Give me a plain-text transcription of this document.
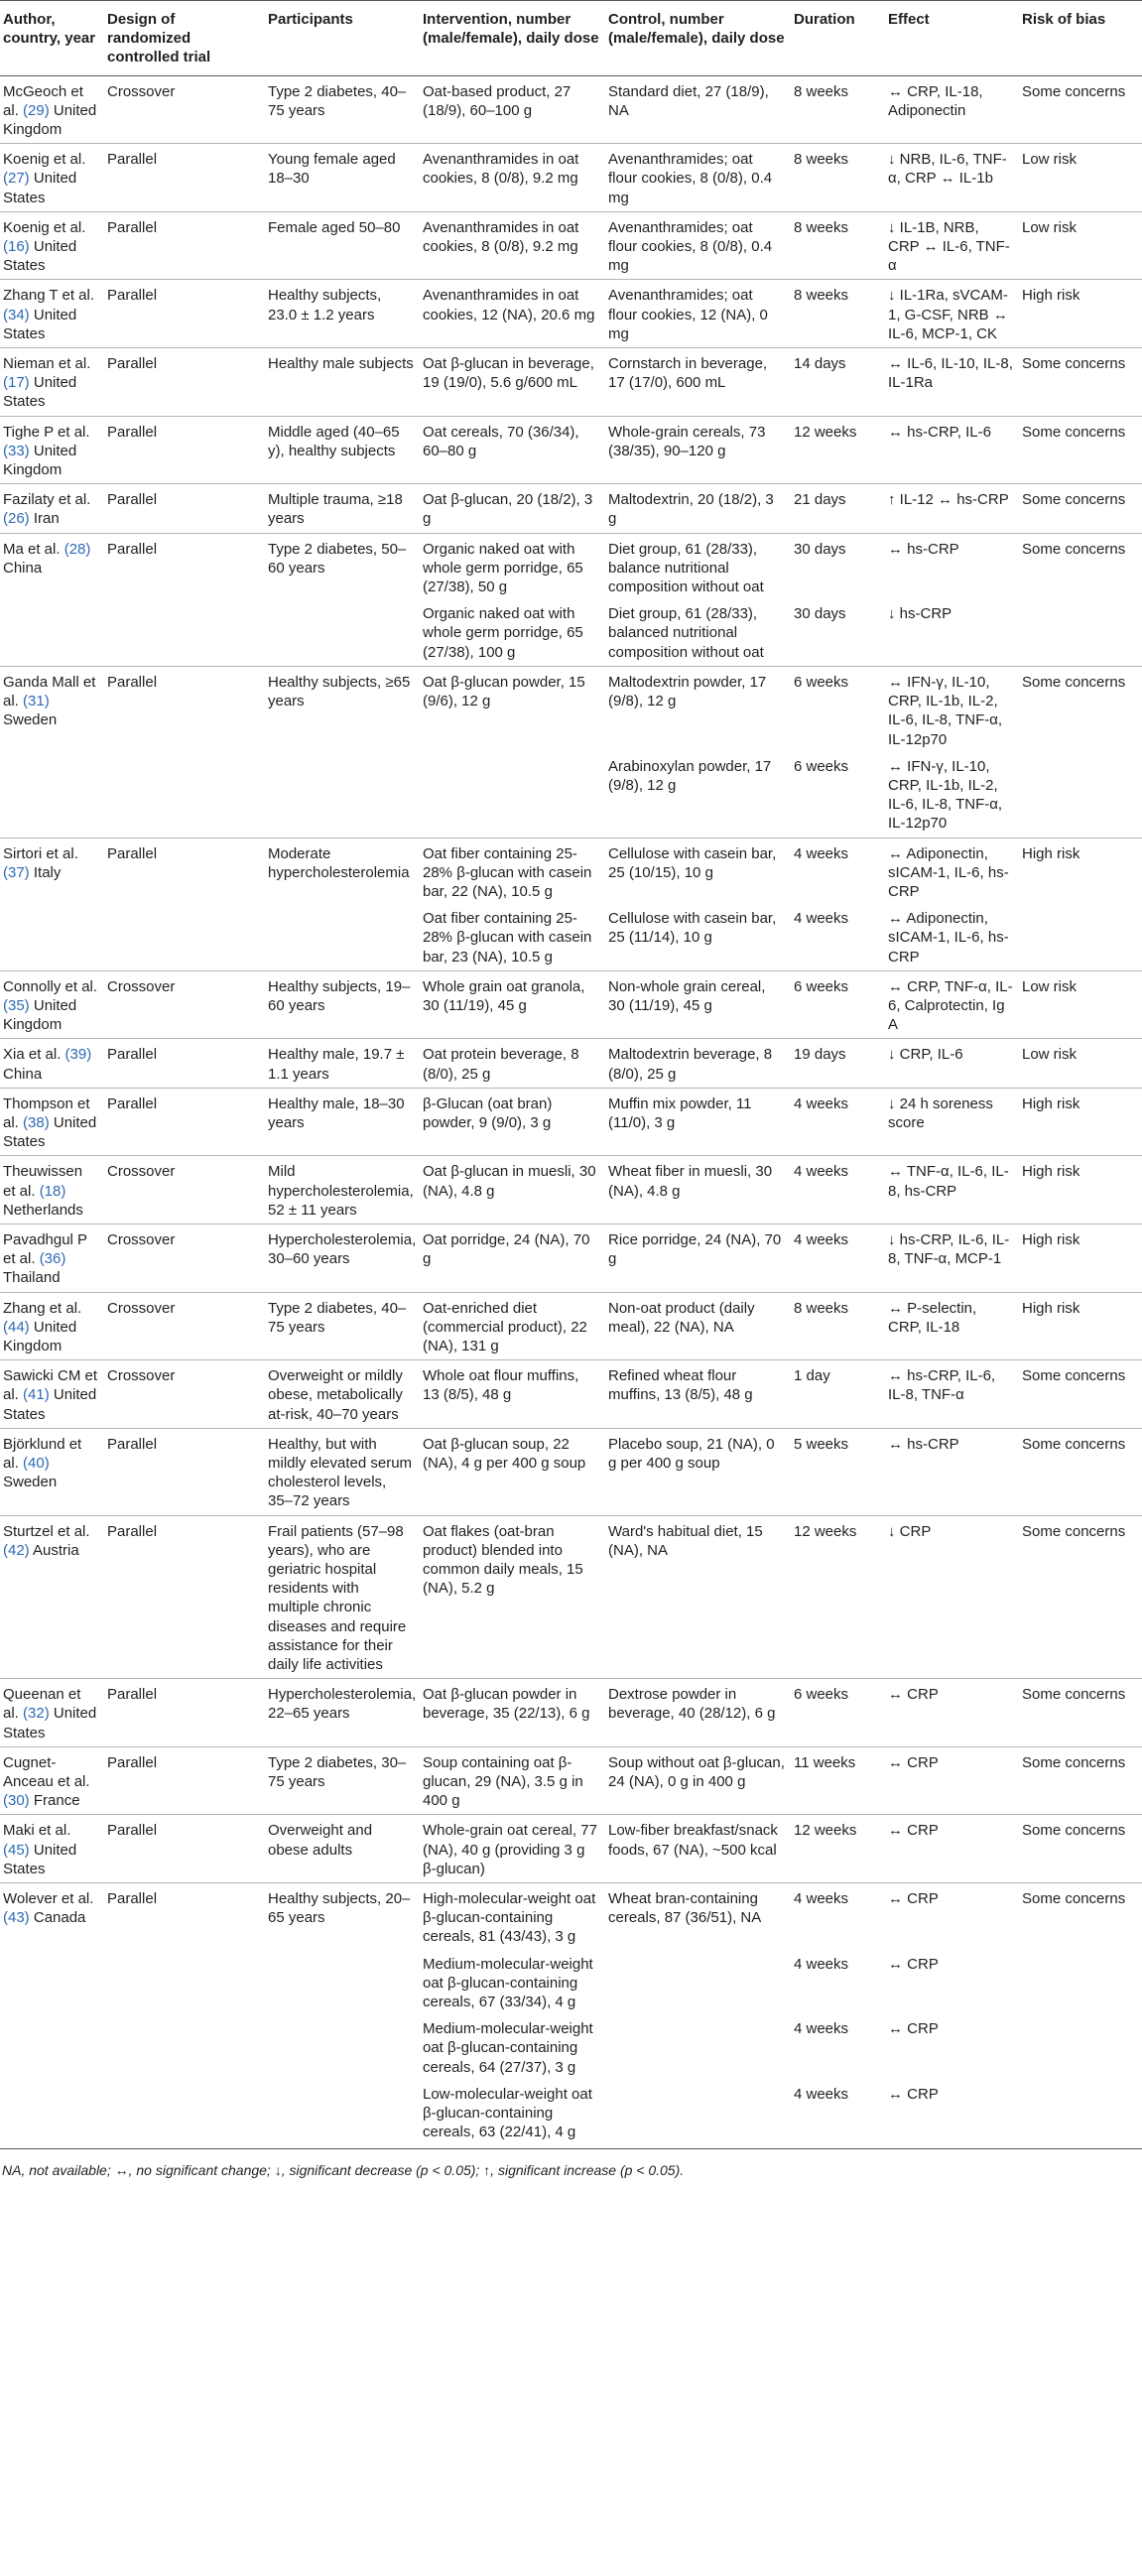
Author, country, year	Design of randomized controlled trial	Participants	Intervention, number (male/female), daily dose	Control, number (male/female), daily dose	Duration	Effect	Risk of bias
McGeoch et al. (29) United Kingdom	Crossover	Type 2 diabetes, 40–75 years	Oat-based product, 27 (18/9), 60–100 g	Standard diet, 27 (18/9), NA	8 weeks	↔ CRP, IL-18, Adiponectin	Some concerns
Koenig et al. (27) United States	Parallel	Young female aged 18–30	Avenanthramides in oat cookies, 8 (0/8), 9.2 mg	Avenanthramides; oat flour cookies, 8 (0/8), 0.4 mg	8 weeks	↓ NRB, IL-6, TNF-α, CRP ↔ IL-1b	Low risk
Koenig et al. (16) United States	Parallel	Female aged 50–80	Avenanthramides in oat cookies, 8 (0/8), 9.2 mg	Avenanthramides; oat flour cookies, 8 (0/8), 0.4 mg	8 weeks	↓ IL-1B, NRB, CRP ↔ IL-6, TNF-α	Low risk
Zhang T et al. (34) United States	Parallel	Healthy subjects, 23.0 ± 1.2 years	Avenanthramides in oat cookies, 12 (NA), 20.6 mg	Avenanthramides; oat flour cookies, 12 (NA), 0 mg	8 weeks	↓ IL-1Ra, sVCAM-1, G-CSF, NRB ↔ IL-6, MCP-1, CK	High risk
Nieman et al. (17) United States	Parallel	Healthy male subjects	Oat β-glucan in beverage, 19 (19/0), 5.6 g/600 mL	Cornstarch in beverage, 17 (17/0), 600 mL	14 days	↔ IL-6, IL-10, IL-8, IL-1Ra	Some concerns
Tighe P et al. (33) United Kingdom	Parallel	Middle aged (40–65 y), healthy subjects	Oat cereals, 70 (36/34), 60–80 g	Whole-grain cereals, 73 (38/35), 90–120 g	12 weeks	↔ hs-CRP, IL-6	Some concerns
Fazilaty et al. (26) Iran	Parallel	Multiple trauma, ≥18 years	Oat β-glucan, 20 (18/2), 3 g	Maltodextrin, 20 (18/2), 3 g	21 days	↑ IL-12 ↔ hs-CRP	Some concerns
Ma et al. (28) China	Parallel	Type 2 diabetes, 50–60 years	Organic naked oat with whole germ porridge, 65 (27/38), 50 g	Diet group, 61 (28/33), balance nutritional composition without oat	30 days	↔ hs-CRP	Some concerns
			Organic naked oat with whole germ porridge, 65 (27/38), 100 g	Diet group, 61 (28/33), balanced nutritional composition without oat	30 days	↓ hs-CRP	
Ganda Mall et al. (31) Sweden	Parallel	Healthy subjects, ≥65 years	Oat β-glucan powder, 15 (9/6), 12 g	Maltodextrin powder, 17 (9/8), 12 g	6 weeks	↔ IFN-γ, IL-10, CRP, IL-1b, IL-2, IL-6, IL-8, TNF-α, IL-12p70	Some concerns
				Arabinoxylan powder, 17 (9/8), 12 g	6 weeks	↔ IFN-γ, IL-10, CRP, IL-1b, IL-2, IL-6, IL-8, TNF-α, IL-12p70	
Sirtori et al. (37) Italy	Parallel	Moderate hypercholesterolemia	Oat fiber containing 25-28% β-glucan with casein bar, 22 (NA), 10.5 g	Cellulose with casein bar, 25 (10/15), 10 g	4 weeks	↔ Adiponectin, sICAM-1, IL-6, hs-CRP	High risk
			Oat fiber containing 25-28% β-glucan with casein bar, 23 (NA), 10.5 g	Cellulose with casein bar, 25 (11/14), 10 g	4 weeks	↔ Adiponectin, sICAM-1, IL-6, hs-CRP	
Connolly et al. (35) United Kingdom	Crossover	Healthy subjects, 19–60 years	Whole grain oat granola, 30 (11/19), 45 g	Non-whole grain cereal, 30 (11/19), 45 g	6 weeks	↔ CRP, TNF-α, IL-6, Calprotectin, Ig A	Low risk
Xia et al. (39) China	Parallel	Healthy male, 19.7 ± 1.1 years	Oat protein beverage, 8 (8/0), 25 g	Maltodextrin beverage, 8 (8/0), 25 g	19 days	↓ CRP, IL-6	Low risk
Thompson et al. (38) United States	Parallel	Healthy male, 18–30 years	β-Glucan (oat bran) powder, 9 (9/0), 3 g	Muffin mix powder, 11 (11/0), 3 g	4 weeks	↓ 24 h soreness score	High risk
Theuwissen et al. (18) Netherlands	Crossover	Mild hypercholesterolemia, 52 ± 11 years	Oat β-glucan in muesli, 30 (NA), 4.8 g	Wheat fiber in muesli, 30 (NA), 4.8 g	4 weeks	↔ TNF-α, IL-6, IL-8, hs-CRP	High risk
Pavadhgul P et al. (36) Thailand	Crossover	Hypercholesterolemia, 30–60 years	Oat porridge, 24 (NA), 70 g	Rice porridge, 24 (NA), 70 g	4 weeks	↓ hs-CRP, IL-6, IL-8, TNF-α, MCP-1	High risk
Zhang et al. (44) United Kingdom	Crossover	Type 2 diabetes, 40–75 years	Oat-enriched diet (commercial product), 22 (NA), 131 g	Non-oat product (daily meal), 22 (NA), NA	8 weeks	↔ P-selectin, CRP, IL-18	High risk
Sawicki CM et al. (41) United States	Crossover	Overweight or mildly obese, metabolically at-risk, 40–70 years	Whole oat flour muffins, 13 (8/5), 48 g	Refined wheat flour muffins, 13 (8/5), 48 g	1 day	↔ hs-CRP, IL-6, IL-8, TNF-α	Some concerns
Björklund et al. (40) Sweden	Parallel	Healthy, but with mildly elevated serum cholesterol levels, 35–72 years	Oat β-glucan soup, 22 (NA), 4 g per 400 g soup	Placebo soup, 21 (NA), 0 g per 400 g soup	5 weeks	↔ hs-CRP	Some concerns
Sturtzel et al. (42) Austria	Parallel	Frail patients (57–98 years), who are geriatric hospital residents with multiple chronic diseases and require assistance for their daily life activities	Oat flakes (oat-bran product) blended into common daily meals, 15 (NA), 5.2 g	Ward's habitual diet, 15 (NA), NA	12 weeks	↓ CRP	Some concerns
Queenan et al. (32) United States	Parallel	Hypercholesterolemia, 22–65 years	Oat β-glucan powder in beverage, 35 (22/13), 6 g	Dextrose powder in beverage, 40 (28/12), 6 g	6 weeks	↔ CRP	Some concerns
Cugnet-Anceau et al. (30) France	Parallel	Type 2 diabetes, 30–75 years	Soup containing oat β-glucan, 29 (NA), 3.5 g in 400 g	Soup without oat β-glucan, 24 (NA), 0 g in 400 g	11 weeks	↔ CRP	Some concerns
Maki et al. (45) United States	Parallel	Overweight and obese adults	Whole-grain oat cereal, 77 (NA), 40 g (providing 3 g β-glucan)	Low-fiber breakfast/snack foods, 67 (NA), ~500 kcal	12 weeks	↔ CRP	Some concerns
Wolever et al. (43) Canada	Parallel	Healthy subjects, 20–65 years	High-molecular-weight oat β-glucan-containing cereals, 81 (43/43), 3 g	Wheat bran-containing cereals, 87 (36/51), NA	4 weeks	↔ CRP	Some concerns
			Medium-molecular-weight oat β-glucan-containing cereals, 67 (33/34), 4 g		4 weeks	↔ CRP	
			Medium-molecular-weight oat β-glucan-containing cereals, 64 (27/37), 3 g		4 weeks	↔ CRP	
			Low-molecular-weight oat β-glucan-containing cereals, 63 (22/41), 4 g		4 weeks	↔ CRP	
NA, not available; ↔, no significant change; ↓, significant decrease (p < 0.05); ↑, significant increase (p < 0.05).
